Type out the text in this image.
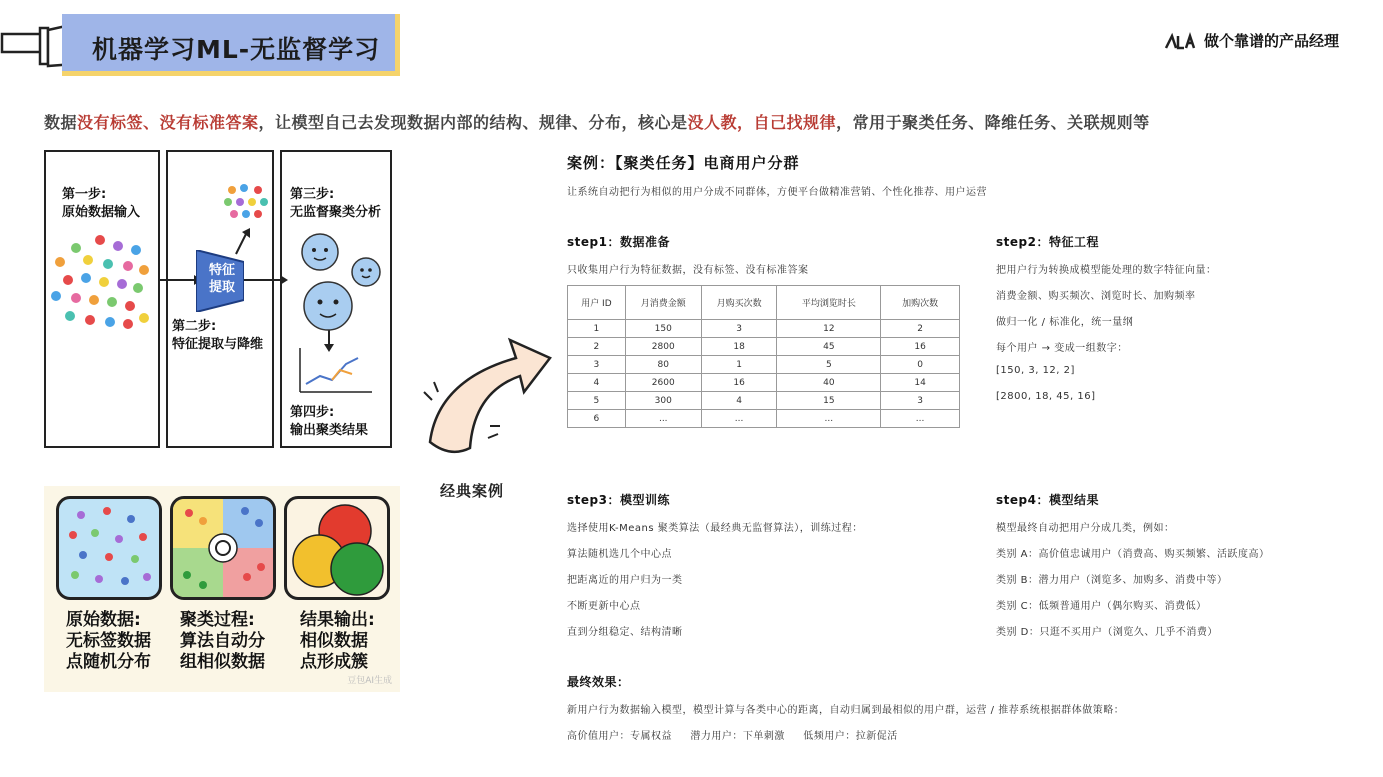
机器学习ML-无监督学习	做个靠谱的产品经理
数据没有标签、没有标准答案，让模型自己去发现数据内部的结构、规律、分布，核心是没人教，自己找规律，常用于聚类任务、降维任务、关联规则等
第一步:
原始数据输入
特征
提取
第二步:
特征提取与降维
第三步:
无监督聚类分析
第四步:
输出聚类结果
原始数据:
无标签数据
点随机分布
聚类过程:
算法自动分
组相似数据
结果输出:
相似数据
点形成簇
豆包AI生成
经典案例
案例：【聚类任务】电商用户分群
让系统自动把行为相似的用户分成不同群体，方便平台做精准营销、个性化推荐、用户运营
step1：数据准备
只收集用户行为特征数据，没有标签、没有标准答案
用户 ID	月消费金额	月购买次数	平均浏览时长	加购次数
1	150	3	12	2
2	2800	18	45	16
3	80	1	5	0
4	2600	16	40	14
5	300	4	15	3
6	...	...	...	...
step2：特征工程
把用户行为转换成模型能处理的数字特征向量：
消费金额、购买频次、浏览时长、加购频率
做归一化 / 标准化，统一量纲
每个用户 → 变成一组数字：
[150, 3, 12, 2]
[2800, 18, 45, 16]
step3：模型训练
选择使用K-Means 聚类算法（最经典无监督算法），训练过程：
算法随机选几个中心点
把距离近的用户归为一类
不断更新中心点
直到分组稳定、结构清晰
step4：模型结果
模型最终自动把用户分成几类，例如：
类别 A：高价值忠诚用户（消费高、购买频繁、活跃度高）
类别 B：潜力用户（浏览多、加购多、消费中等）
类别 C：低频普通用户（偶尔购买、消费低）
类别 D：只逛不买用户（浏览久、几乎不消费）
最终效果：
新用户行为数据输入模型，模型计算与各类中心的距离，自动归属到最相似的用户群，运营 / 推荐系统根据群体做策略：
高价值用户：专属权益     潜力用户：下单刺激     低频用户：拉新促活
